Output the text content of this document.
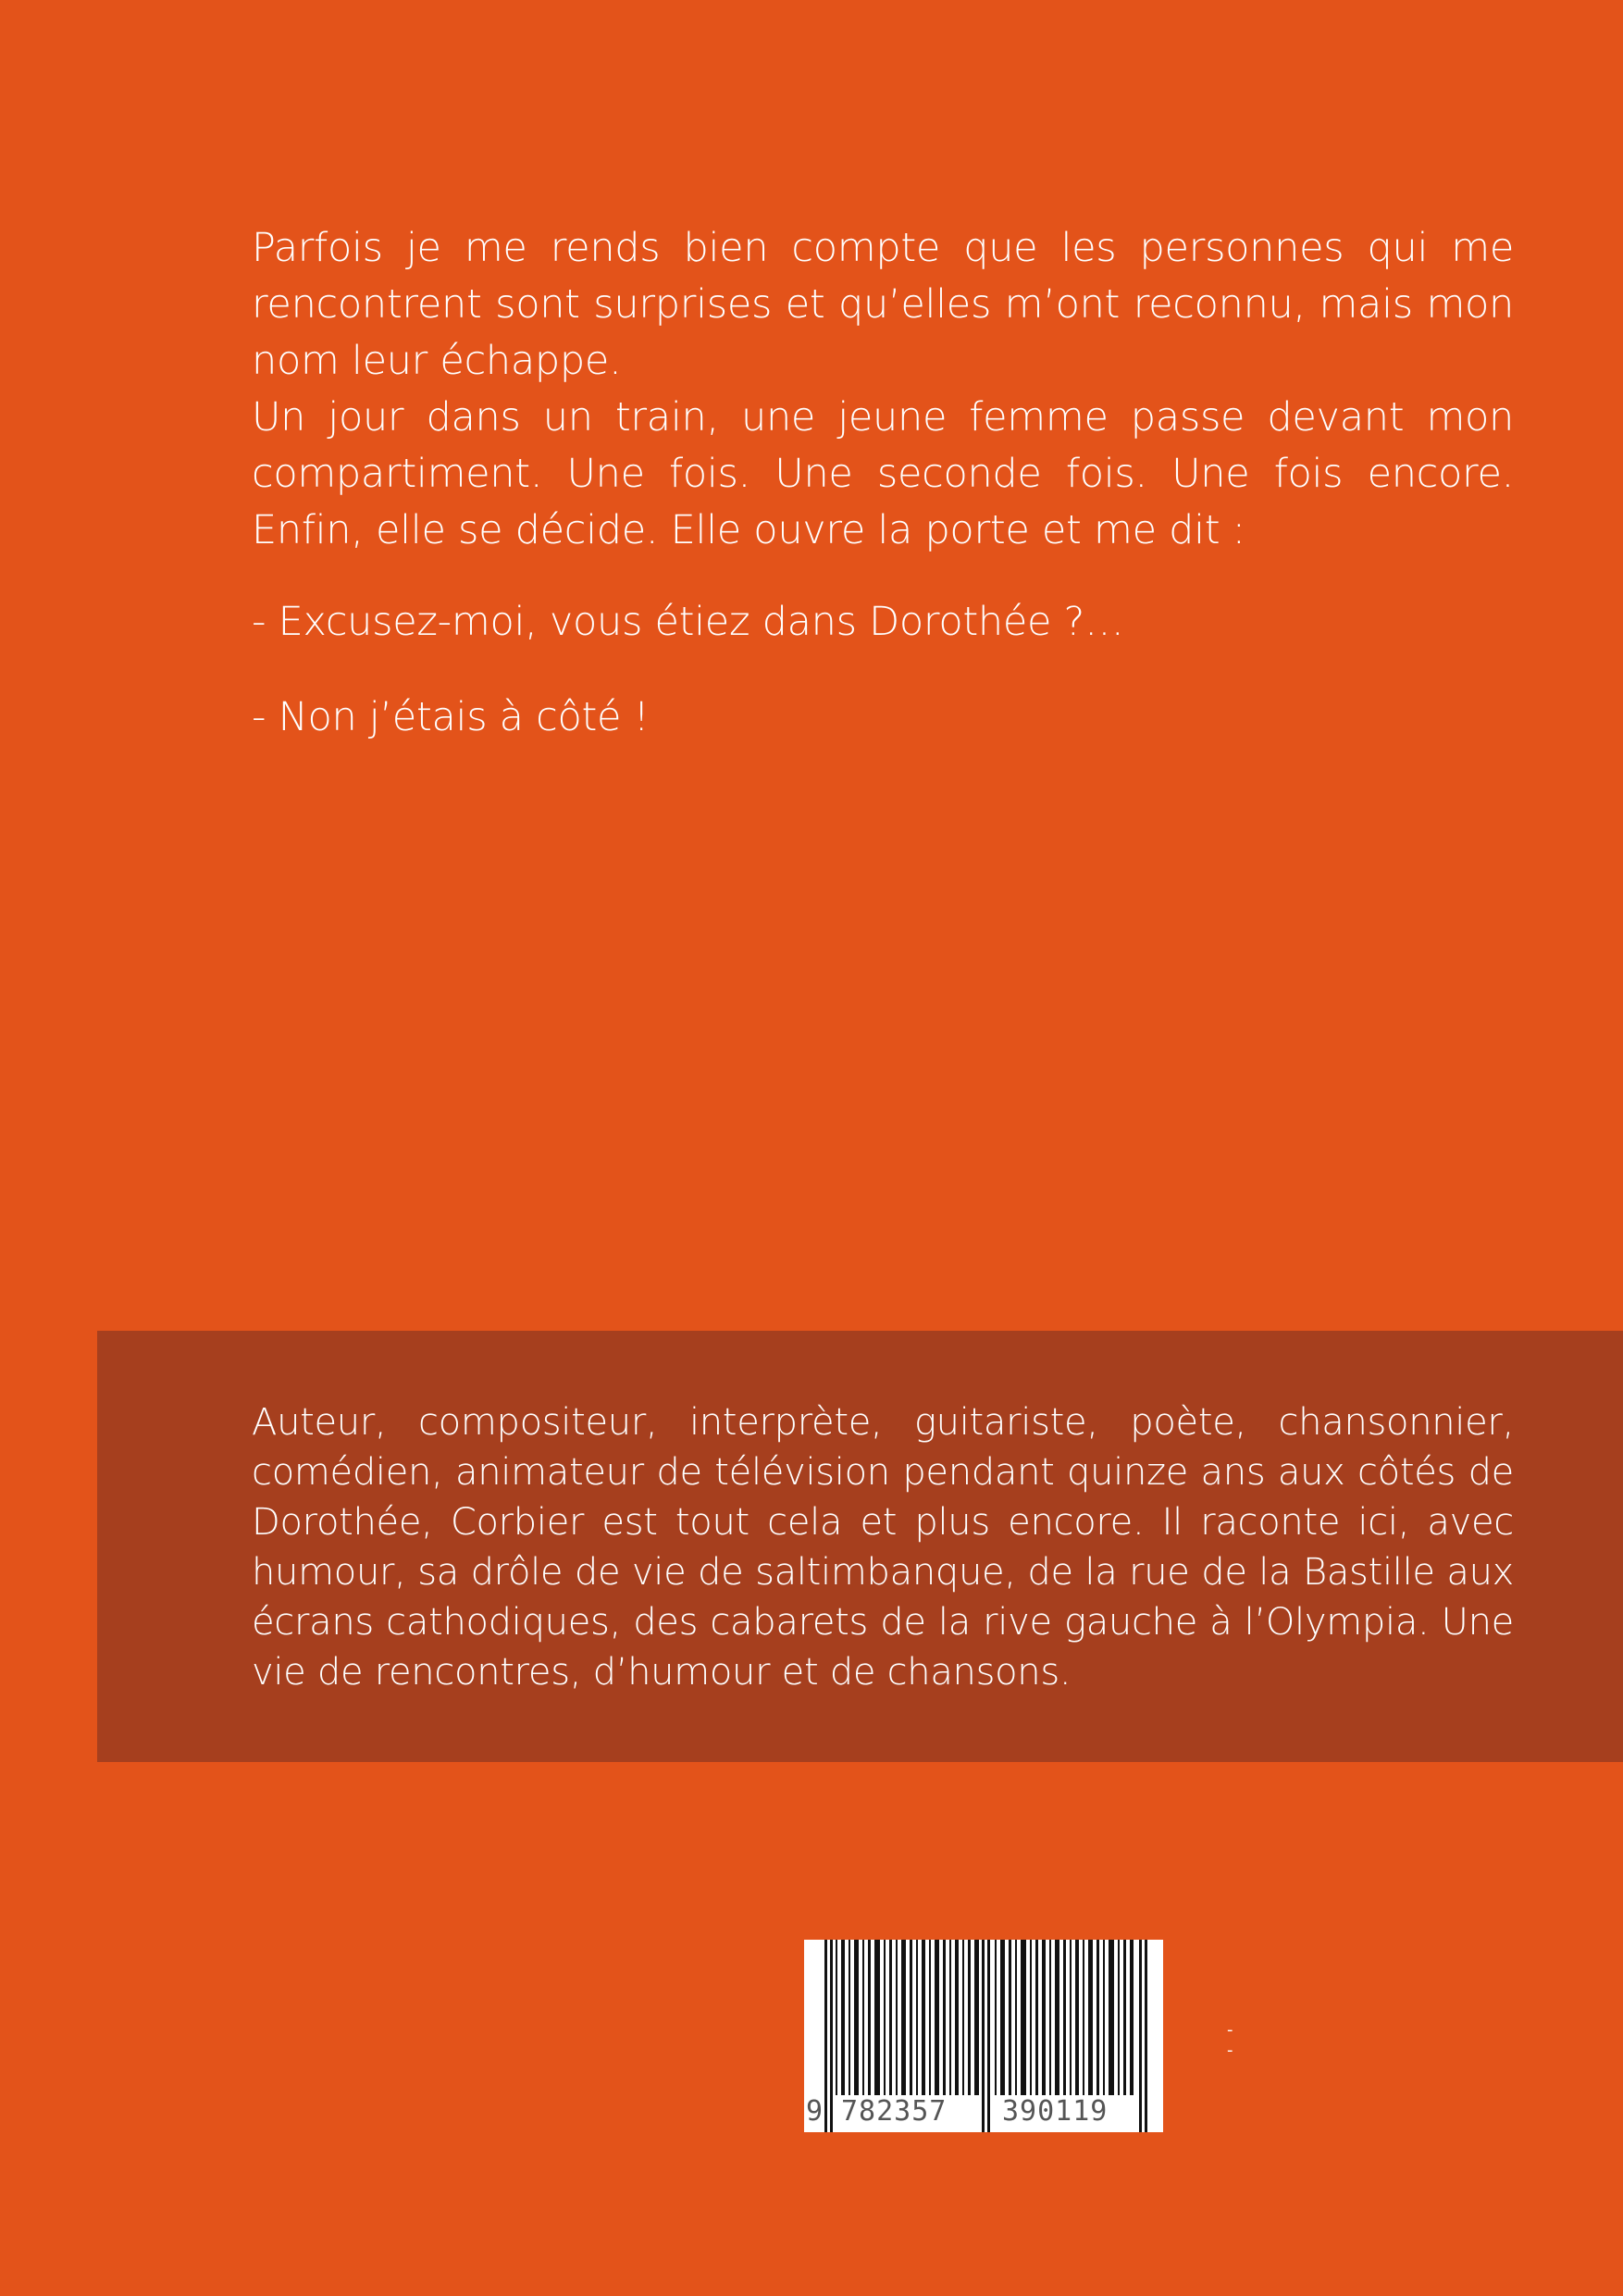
Parfois je me rends bien compte que les personnes qui me rencontrent sont surprises et qu’elles m’ont reconnu, mais mon nom leur échappe.

Un jour dans un train, une jeune femme passe devant mon compartiment. Une fois. Une seconde fois. Une fois encore. Enfin, elle se décide. Elle ouvre la porte et me dit :

- Excusez-moi, vous étiez dans Dorothée ?…

- Non j’étais à côté !

Auteur, compositeur, interprète, guitariste, poète, chansonnier, comédien, animateur de télévision pendant quinze ans aux côtés de Dorothée, Corbier est tout cela et plus encore. Il raconte ici, avec humour, sa drôle de vie de saltimbanque, de la rue de la Bastille aux écrans cathodiques, des cabarets de la rive gauche à l’Olympia. Une vie de rencontres, d’humour et de chansons.

9 782357 390119
-
-
